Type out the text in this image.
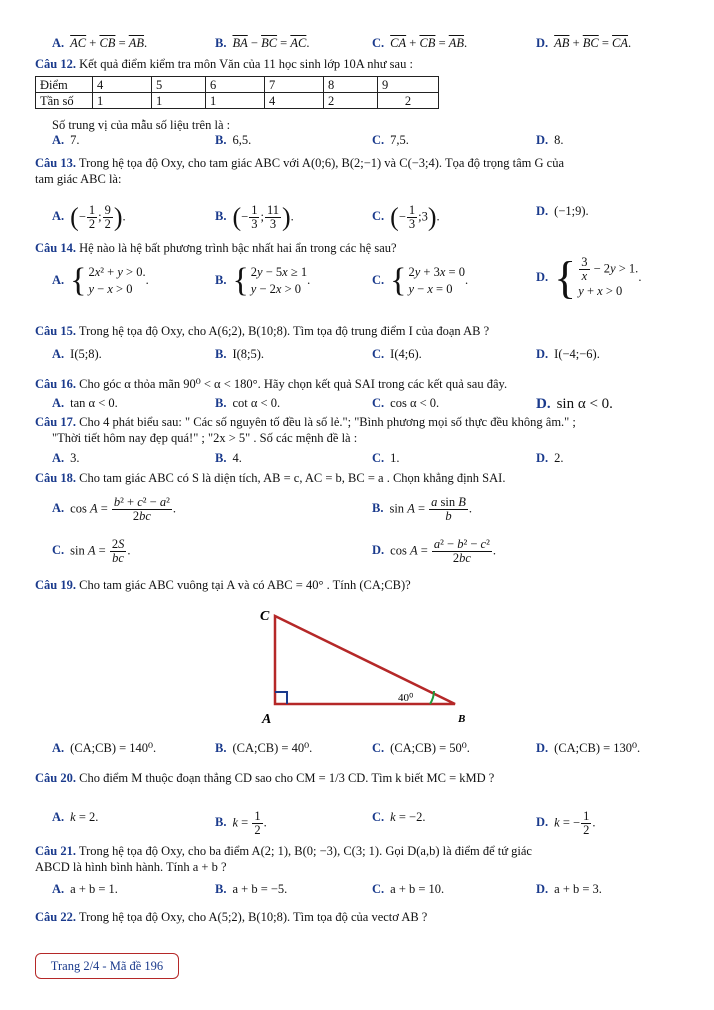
A. $\overline{AC} + \overline{CB} = \overline{AB}$.	B. $\overline{BA} - \overline{BC} = \overline{AC}$.	C. $\overline{CA} + \overline{CB} = \overline{AB}$.	D. $\overline{AB} + \overline{BC} = \overline{CA}$.
Câu 12. Kết quả điểm kiểm tra môn Văn của 11 học sinh lớp 10A như sau :
Điểm	4	5	6	7	8	9
Tần số	1	1	1	4	2	2
Số trung vị của mẫu số liệu trên là :
A. 7.	B. 6,5.	C. 7,5.	D. 8.
Câu 13. Trong hệ tọa độ Oxy, cho tam giác ABC với A(0;6), B(2;−1) và C(−3;4). Tọa độ trọng tâm G của
tam giác ABC là:
A. (− $\frac{1}{2}$ ; $\frac{9}{2}$ ).	B. (− $\frac{1}{3}$ ; $\frac{11}{3}$ ).	C. (− $\frac{1}{3}$ ;3).	D. (−1;9).
Câu 14. Hệ nào là hệ bất phương trình bậc nhất hai ẩn trong các hệ sau?
A. { 2x² + y > 0.
y − x > 0
.	B. { 2y − 5x ≥ 1
y − 2x > 0
.	C. { 2y + 3x = 0
y − x = 0
.	D. { $\frac{3}{x} - 2y > 1$.
y + x > 0
.
Câu 15. Trong hệ tọa độ Oxy, cho A(6;2), B(10;8). Tìm tọa độ trung điểm I của đoạn AB ?
A. I(5;8).	B. I(8;5).	C. I(4;6).	D. I(−4;−6).
Câu 16. Cho góc α thỏa mãn 90⁰ < α < 180°. Hãy chọn kết quả SAI trong các kết quả sau đây.
A. tan α < 0.	B. cot α < 0.	C. cos α < 0.	D. sin α < 0.
Câu 17. Cho 4 phát biểu sau: " Các số nguyên tố đều là số lẻ."; "Bình phương mọi số thực đều không âm." ;
"Thời tiết hôm nay đẹp quá!" ; "2x > 5" . Số các mệnh đề là :
A. 3.	B. 4.	C. 1.	D. 2.
Câu 18. Cho tam giác ABC có S là diện tích, AB = c, AC = b, BC = a . Chọn khẳng định SAI.
A. $\cos A = \frac{\text{b² + c² − a²}}{2bc}$ .	B. $\sin A = \frac{\text{a sin B}}{b}$ .
C. $\sin A = \frac{2S}{bc}$ .	D. $\cos A = \frac{\text{a² − b² − c²}}{2bc}$ .
Câu 19. Cho tam giác ABC vuông tại A và có ABC = 40° . Tính (CA;CB)?
C
A	B
40⁰
A. (CA;CB) = 140⁰.	B. (CA;CB) = 40⁰.	C. (CA;CB) = 50⁰.	D. (CA;CB) = 130⁰.
Câu 20. Cho điểm M thuộc đoạn thẳng CD sao cho CM = 1/3 CD. Tìm k biết MC = kMD ?
A. k = 2.	B. $k = \frac{1}{2}$ .	C. k = −2.	D. k = − $\frac{1}{2}$ .
Câu 21. Trong hệ tọa độ Oxy, cho ba điểm A(2; 1), B(0; −3), C(3; 1). Gọi D(a,b) là điểm để tứ giác
ABCD là hình bình hành. Tính a + b ?
A. a + b = 1.	B. a + b = −5.	C. a + b = 10.	D. a + b = 3.
Câu 22. Trong hệ tọa độ Oxy, cho A(5;2), B(10;8). Tìm tọa độ của vectơ AB ?
Trang 2/4 - Mã đề 196
